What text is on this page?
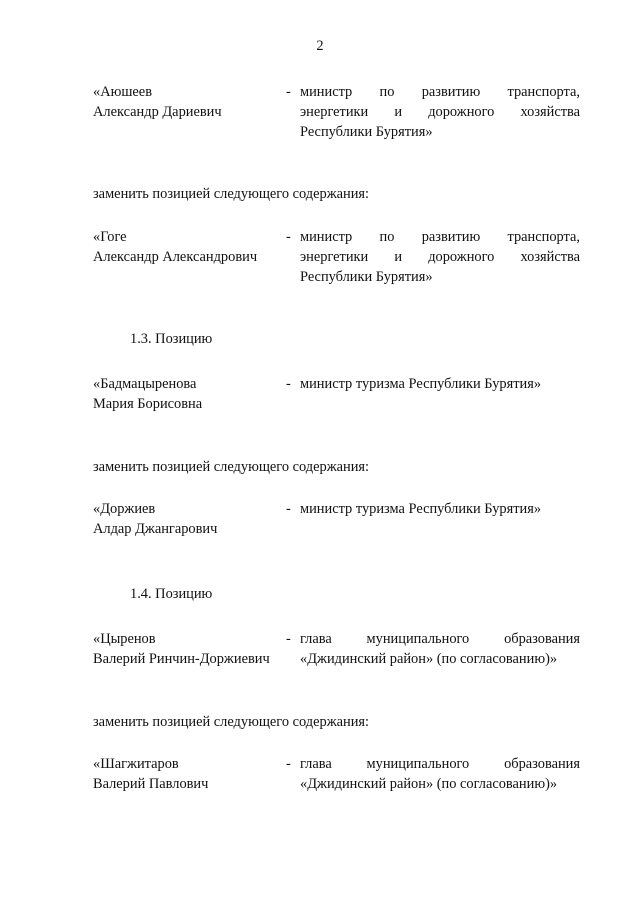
2
«Аюшеев
Александр Дариевич
- министр по развитию транспорта,
энергетики и дорожного хозяйства
Республики Бурятия»
заменить позицией следующего содержания:
«Гоге
Александр Александрович
- министр по развитию транспорта,
энергетики и дорожного хозяйства
Республики Бурятия»
1.3. Позицию
«Бадмацыренова
Мария Борисовна
- министр туризма Республики Бурятия»
заменить позицией следующего содержания:
«Доржиев
Алдар Джангарович
- министр туризма Республики Бурятия»
1.4. Позицию
«Цыренов
Валерий Ринчин-Доржиевич
- глава муниципального образования
«Джидинский район» (по согласованию)»
заменить позицией следующего содержания:
«Шагжитаров
Валерий Павлович
- глава муниципального образования
«Джидинский район» (по согласованию)»
